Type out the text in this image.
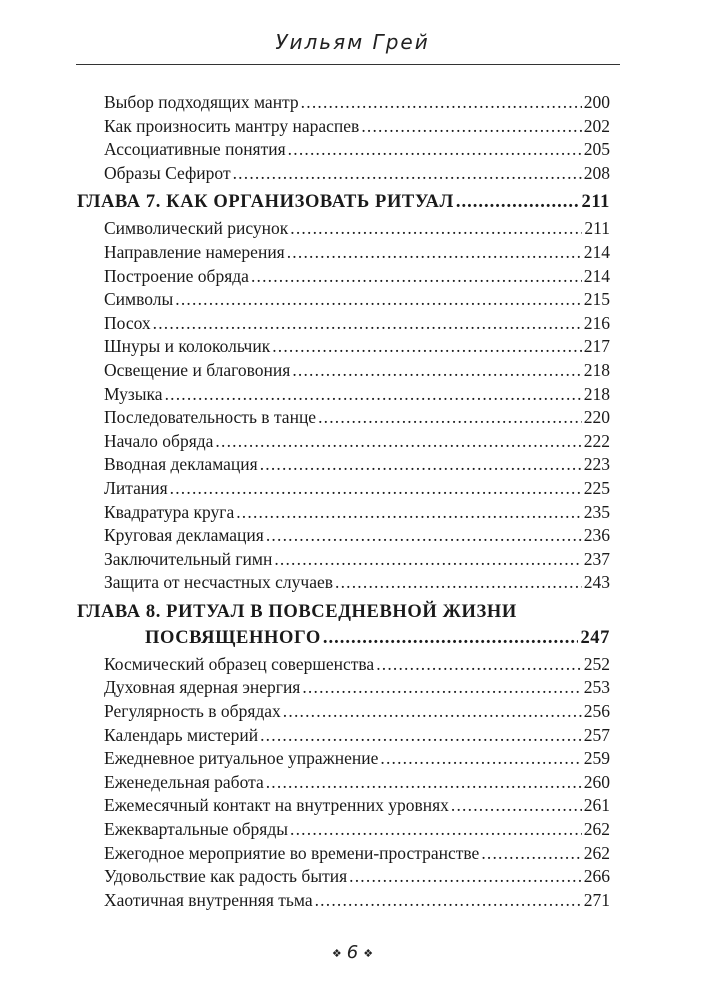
Уильям Грей
Выбор подходящих мантр .....	200
Как произносить мантру нараспев .....	202
Ассоциативные понятия .....	205
Образы Сефирот .....	208
ГЛАВА 7. КАК ОРГАНИЗОВАТЬ РИТУАЛ .....	211
Символический рисунок .....	211
Направление намерения .....	214
Построение обряда .....	214
Символы .....	215
Посох .....	216
Шнуры и колокольчик .....	217
Освещение и благовония .....	218
Музыка .....	218
Последовательность в танце .....	220
Начало обряда .....	222
Вводная декламация .....	223
Литания .....	225
Квадратура круга .....	235
Круговая декламация .....	236
Заключительный гимн .....	237
Защита от несчастных случаев .....	243
ГЛАВА 8. РИТУАЛ В ПОВСЕДНЕВНОЙ ЖИЗНИ
ПОСВЯЩЕННОГО .....	247
Космический образец совершенства .....	252
Духовная ядерная энергия .....	253
Регулярность в обрядах .....	256
Календарь мистерий .....	257
Ежедневное ритуальное упражнение .....	259
Еженедельная работа .....	260
Ежемесячный контакт на внутренних уровнях .....	261
Ежеквартальные обряды .....	262
Ежегодное мероприятие во времени-пространстве .....	262
Удовольствие как радость бытия .....	266
Хаотичная внутренняя тьма .....	271
❖ 6 ❖
